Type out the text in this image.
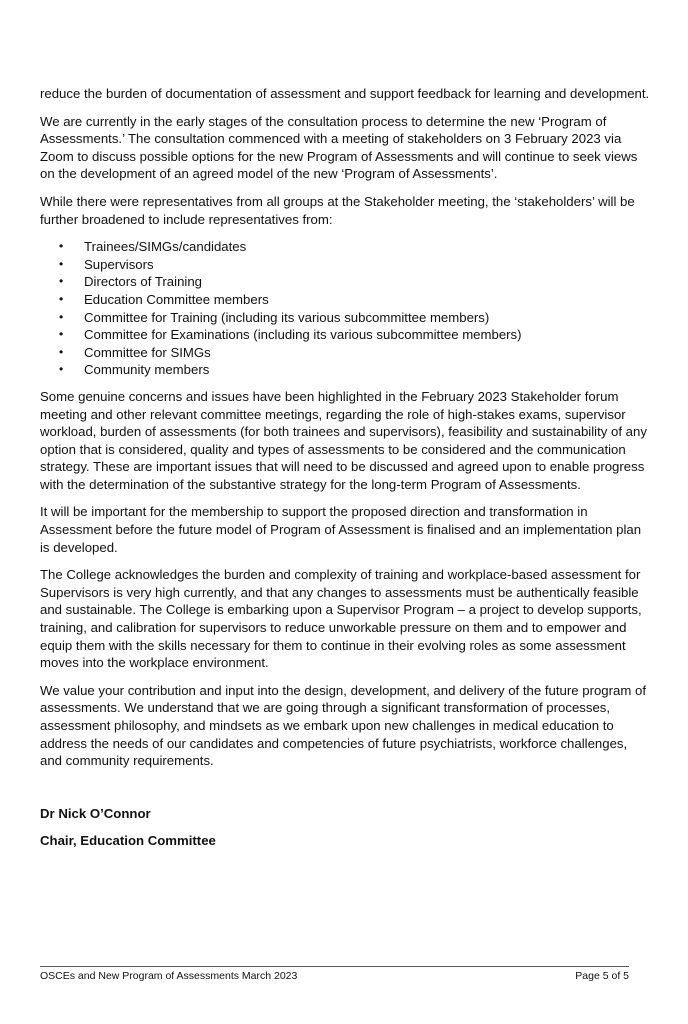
reduce the burden of documentation of assessment and support feedback for learning and development.

We are currently in the early stages of the consultation process to determine the new ‘Program of Assessments.’ The consultation commenced with a meeting of stakeholders on 3 February 2023 via Zoom to discuss possible options for the new Program of Assessments and will continue to seek views on the development of an agreed model of the new ‘Program of Assessments’.

While there were representatives from all groups at the Stakeholder meeting, the ‘stakeholders’ will be further broadened to include representatives from:

• Trainees/SIMGs/candidates
• Supervisors
• Directors of Training
• Education Committee members
• Committee for Training (including its various subcommittee members)
• Committee for Examinations (including its various subcommittee members)
• Committee for SIMGs
• Community members

Some genuine concerns and issues have been highlighted in the February 2023 Stakeholder forum meeting and other relevant committee meetings, regarding the role of high-stakes exams, supervisor workload, burden of assessments (for both trainees and supervisors), feasibility and sustainability of any option that is considered, quality and types of assessments to be considered and the communication strategy. These are important issues that will need to be discussed and agreed upon to enable progress with the determination of the substantive strategy for the long-term Program of Assessments.

It will be important for the membership to support the proposed direction and transformation in Assessment before the future model of Program of Assessment is finalised and an implementation plan is developed.

The College acknowledges the burden and complexity of training and workplace-based assessment for Supervisors is very high currently, and that any changes to assessments must be authentically feasible and sustainable. The College is embarking upon a Supervisor Program – a project to develop supports, training, and calibration for supervisors to reduce unworkable pressure on them and to empower and equip them with the skills necessary for them to continue in their evolving roles as some assessment moves into the workplace environment.

We value your contribution and input into the design, development, and delivery of the future program of assessments. We understand that we are going through a significant transformation of processes, assessment philosophy, and mindsets as we embark upon new challenges in medical education to address the needs of our candidates and competencies of future psychiatrists, workforce challenges, and community requirements.

Dr Nick O’Connor

Chair, Education Committee

OSCEs and New Program of Assessments March 2023	Page 5 of 5
